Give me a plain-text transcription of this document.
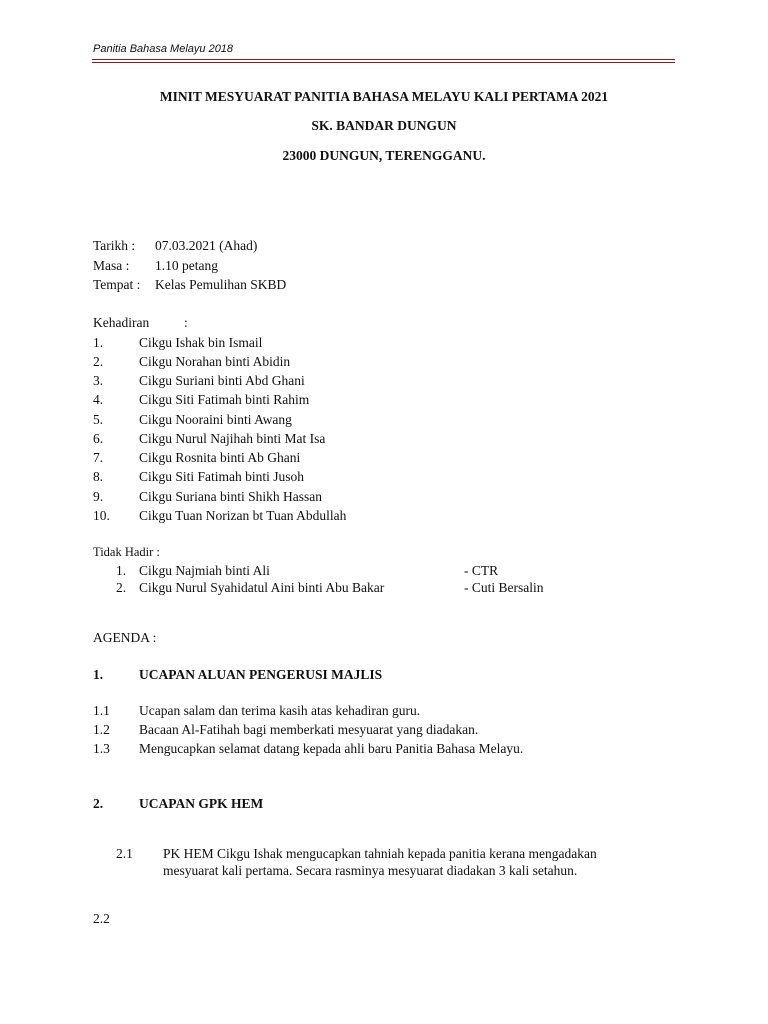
Panitia Bahasa Melayu 2018
MINIT MESYUARAT PANITIA BAHASA MELAYU KALI PERTAMA 2021
SK. BANDAR DUNGUN
23000 DUNGUN, TERENGGANU.
Tarikh : 07.03.2021 (Ahad)
Masa : 1.10 petang
Tempat : Kelas Pemulihan SKBD
Kehadiran	:
1.	Cikgu Ishak bin Ismail
2.	Cikgu Norahan binti Abidin
3.	Cikgu Suriani binti Abd Ghani
4.	Cikgu Siti Fatimah binti Rahim
5.	Cikgu Nooraini binti Awang
6.	Cikgu Nurul Najihah binti Mat Isa
7.	Cikgu Rosnita binti Ab Ghani
8.	Cikgu Siti Fatimah binti Jusoh
9.	Cikgu Suriana binti Shikh Hassan
10. Cikgu Tuan Norizan bt Tuan Abdullah
Tidak Hadir :
1. Cikgu Najmiah binti Ali	- CTR
2. Cikgu Nurul Syahidatul Aini binti Abu Bakar	- Cuti Bersalin
AGENDA :
1.	UCAPAN ALUAN PENGERUSI MAJLIS
1.1 Ucapan salam dan terima kasih atas kehadiran guru.
1.2 Bacaan Al-Fatihah bagi memberkati mesyuarat yang diadakan.
1.3 Mengucapkan selamat datang kepada ahli baru Panitia Bahasa Melayu.
2.	UCAPAN GPK HEM
2.1 PK HEM Cikgu Ishak mengucapkan tahniah kepada panitia kerana mengadakan
mesyuarat kali pertama. Secara rasminya mesyuarat diadakan 3 kali setahun.
2.2
